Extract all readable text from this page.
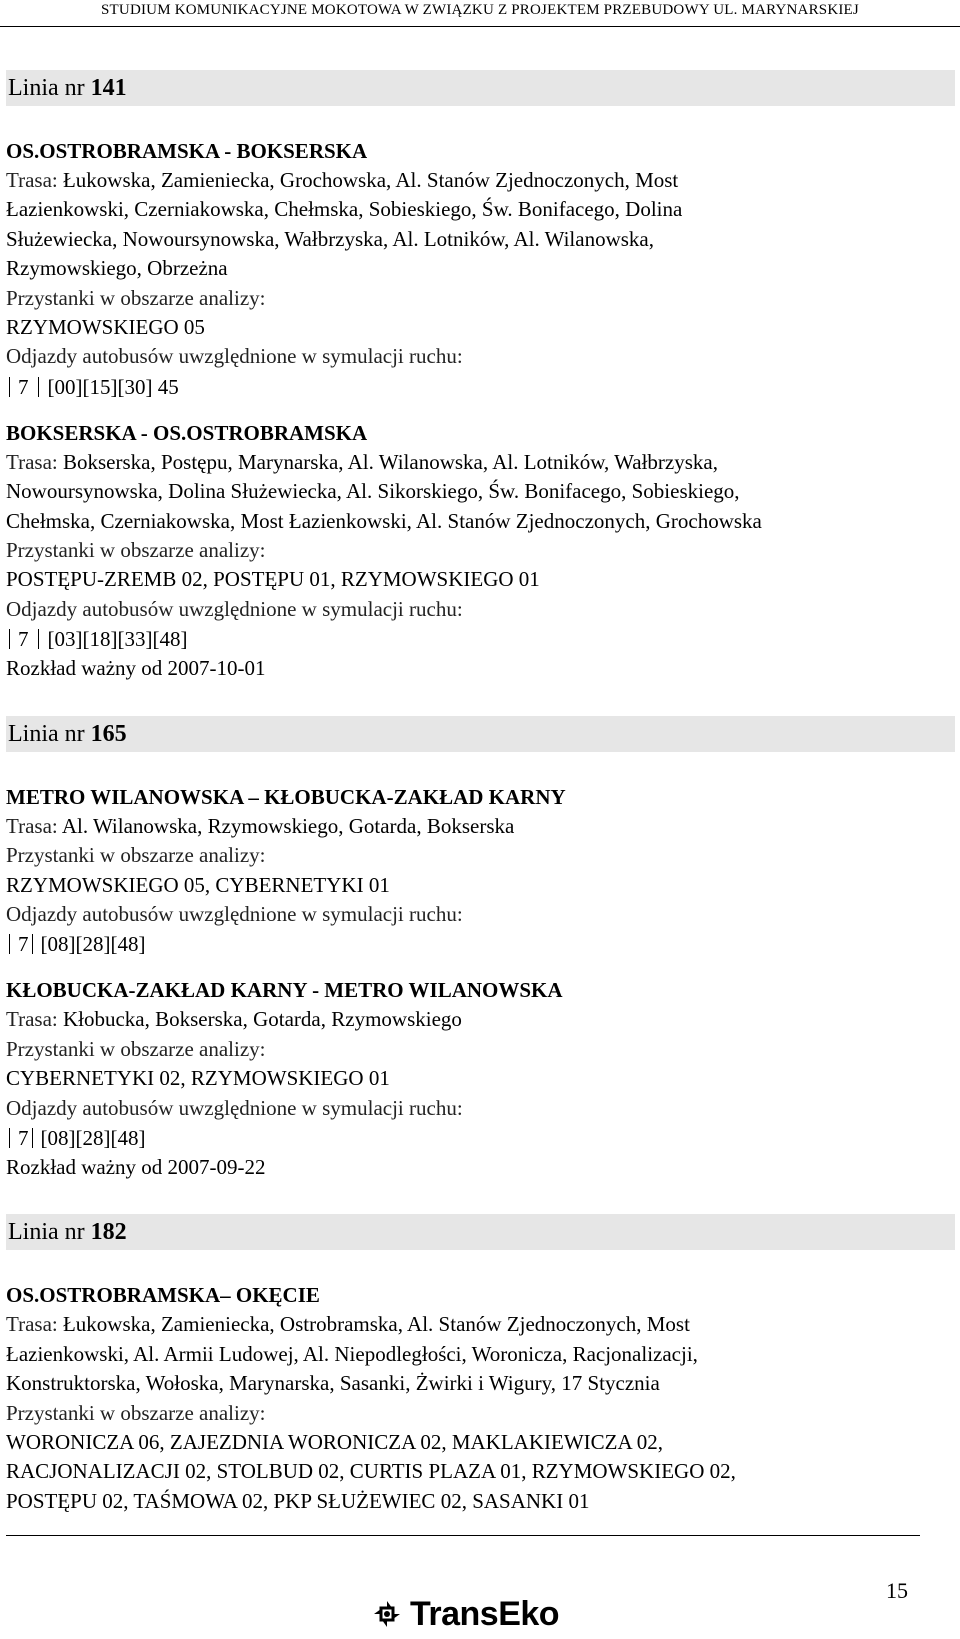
STUDIUM KOMUNIKACYJNE MOKOTOWA W ZWIĄZKU Z PROJEKTEM PRZEBUDOWY UL. MARYNARSKIEJ
Linia nr 141

OS.OSTROBRAMSKA - BOKSERSKA

Trasa: Łukowska, Zamieniecka, Grochowska, Al. Stanów Zjednoczonych, Most

Łazienkowski, Czerniakowska, Chełmska, Sobieskiego, Św. Bonifacego, Dolina

Służewiecka, Nowoursynowska, Wałbrzyska, Al. Lotników, Al. Wilanowska,

Rzymowskiego, Obrzeżna

Przystanki w obszarze analizy:

RZYMOWSKIEGO 05

Odjazdy autobusów uwzględnione w symulacji ruchu:

7 [00][15][30] 45

BOKSERSKA - OS.OSTROBRAMSKA

Trasa: Bokserska, Postępu, Marynarska, Al. Wilanowska, Al. Lotników, Wałbrzyska,

Nowoursynowska, Dolina Służewiecka, Al. Sikorskiego, Św. Bonifacego, Sobieskiego,

Chełmska, Czerniakowska, Most Łazienkowski, Al. Stanów Zjednoczonych, Grochowska

Przystanki w obszarze analizy:

POSTĘPU-ZREMB 02, POSTĘPU 01, RZYMOWSKIEGO 01

Odjazdy autobusów uwzględnione w symulacji ruchu:

7 [03][18][33][48]

Rozkład ważny od 2007-10-01

Linia nr 165

METRO WILANOWSKA – KŁOBUCKA-ZAKŁAD KARNY

Trasa: Al. Wilanowska, Rzymowskiego, Gotarda, Bokserska

Przystanki w obszarze analizy:

RZYMOWSKIEGO 05, CYBERNETYKI 01

Odjazdy autobusów uwzględnione w symulacji ruchu:

7 [08][28][48]

KŁOBUCKA-ZAKŁAD KARNY - METRO WILANOWSKA

Trasa: Kłobucka, Bokserska, Gotarda, Rzymowskiego

Przystanki w obszarze analizy:

CYBERNETYKI 02, RZYMOWSKIEGO 01

Odjazdy autobusów uwzględnione w symulacji ruchu:

7 [08][28][48]

Rozkład ważny od 2007-09-22

Linia nr 182

OS.OSTROBRAMSKA– OKĘCIE

Trasa: Łukowska, Zamieniecka, Ostrobramska, Al. Stanów Zjednoczonych, Most

Łazienkowski, Al. Armii Ludowej, Al. Niepodległości, Woronicza, Racjonalizacji,

Konstruktorska, Wołoska, Marynarska, Sasanki, Żwirki i Wigury, 17 Stycznia

Przystanki w obszarze analizy:

WORONICZA 06, ZAJEZDNIA WORONICZA 02, MAKLAKIEWICZA 02,

RACJONALIZACJI 02, STOLBUD 02, CURTIS PLAZA 01, RZYMOWSKIEGO 02,

POSTĘPU 02, TAŚMOWA 02, PKP SŁUŻEWIEC 02, SASANKI 01

15
TransEko
